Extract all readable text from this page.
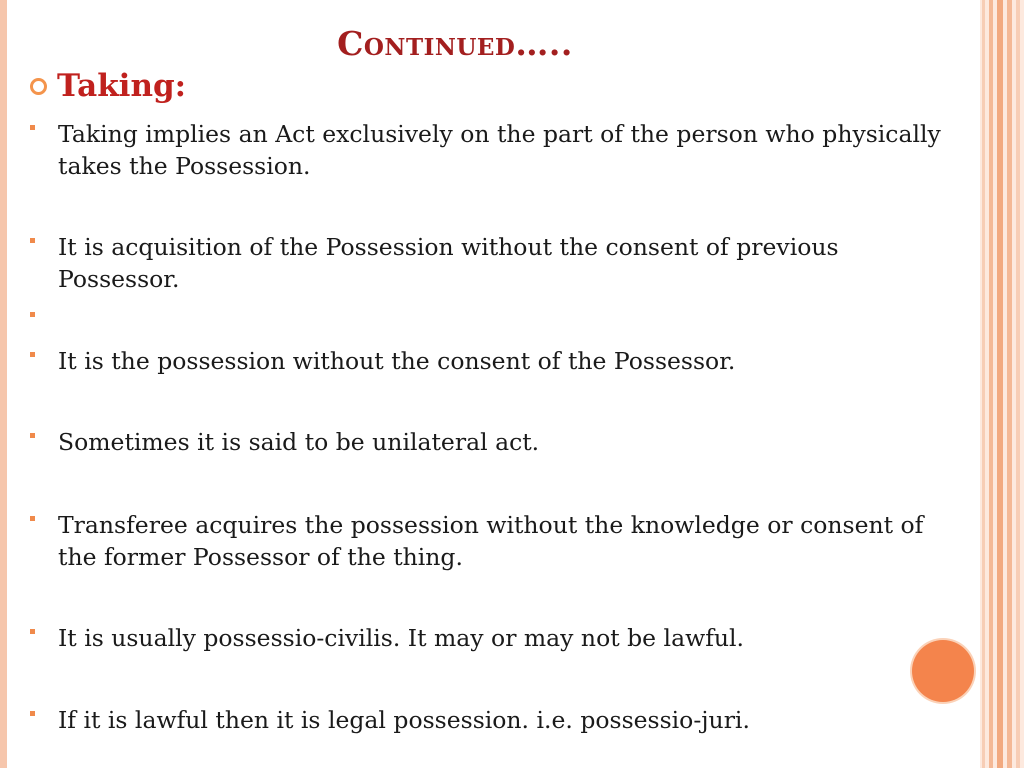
Continued…..
Taking:
Taking implies an Act exclusively on the part of the person who physically takes the Possession.
It is acquisition of the Possession without the consent of previous Possessor.
It is the possession without the consent of the Possessor.
Sometimes it is said to be unilateral act.
Transferee acquires the possession without the knowledge or consent of the former Possessor of the thing.
It is usually possessio-civilis. It may or may not be lawful.
If it is lawful then it is legal possession. i.e. possessio-juri.
